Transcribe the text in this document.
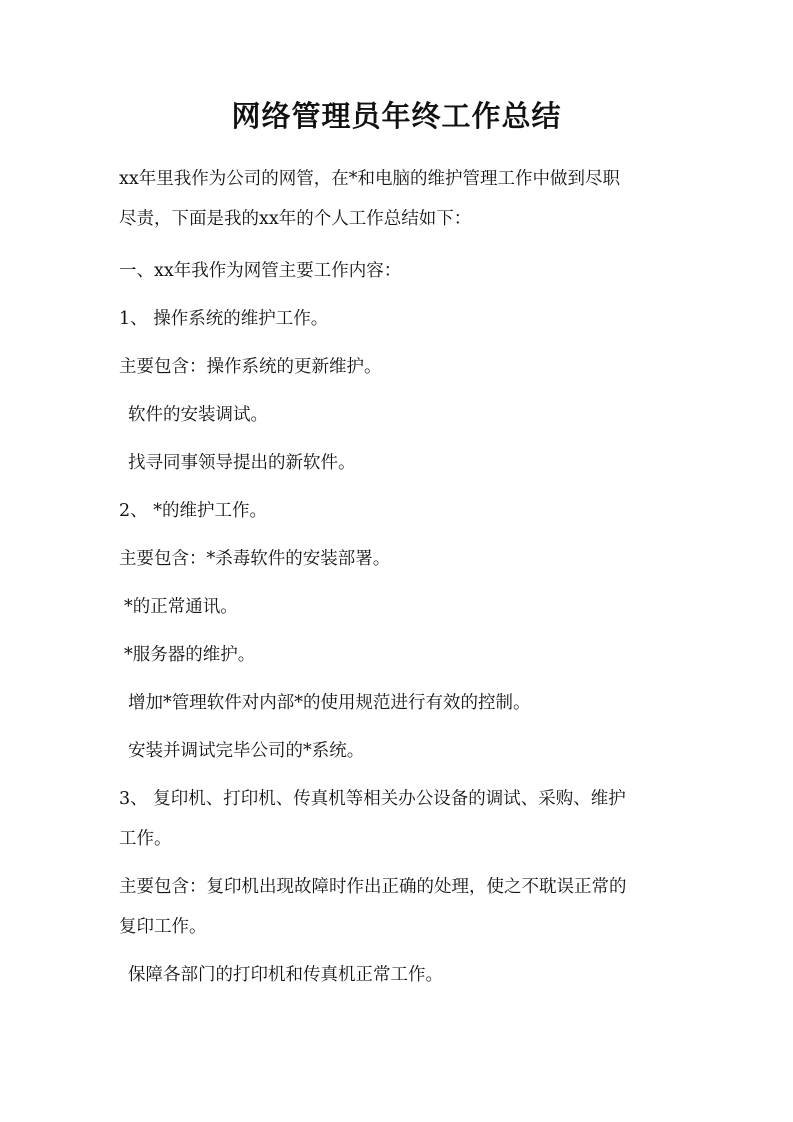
网络管理员年终工作总结
xx年里我作为公司的网管，在*和电脑的维护管理工作中做到尽职
尽责，下面是我的xx年的个人工作总结如下：
一、xx年我作为网管主要工作内容：
1、 操作系统的维护工作。
主要包含：操作系统的更新维护。
软件的安装调试。
找寻同事领导提出的新软件。
2、 *的维护工作。
主要包含：*杀毒软件的安装部署。
*的正常通讯。
*服务器的维护。
增加*管理软件对内部*的使用规范进行有效的控制。
安装并调试完毕公司的*系统。
3、 复印机、打印机、传真机等相关办公设备的调试、采购、维护
工作。
主要包含：复印机出现故障时作出正确的处理，使之不耽误正常的
复印工作。
保障各部门的打印机和传真机正常工作。
